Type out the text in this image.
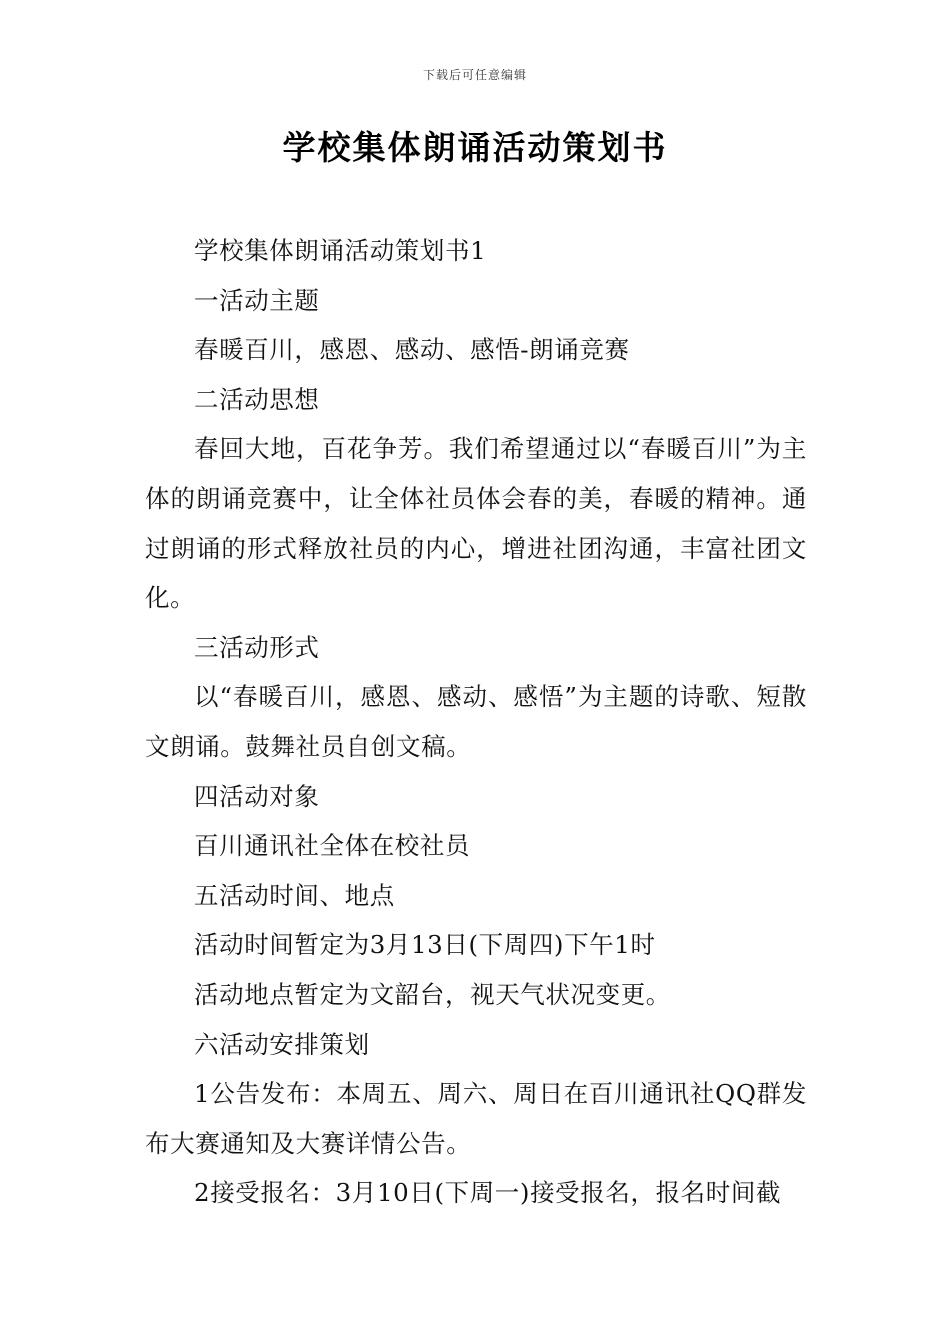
下载后可任意编辑
学校集体朗诵活动策划书

学校集体朗诵活动策划书1

一活动主题

春暖百川，感恩、感动、感悟-朗诵竞赛

二活动思想

春回大地，百花争芳。我们希望通过以“春暖百川”为主体的朗诵竞赛中，让全体社员体会春的美，春暖的精神。通过朗诵的形式释放社员的内心，增进社团沟通，丰富社团文化。

三活动形式

以“春暖百川，感恩、感动、感悟”为主题的诗歌、短散文朗诵。鼓舞社员自创文稿。

四活动对象

百川通讯社全体在校社员

五活动时间、地点

活动时间暂定为3月13日(下周四)下午1时

活动地点暂定为文韶台，视天气状况变更。

六活动安排策划

1公告发布：本周五、周六、周日在百川通讯社QQ群发布大赛通知及大赛详情公告。

2接受报名：3月10日(下周一)接受报名，报名时间截
